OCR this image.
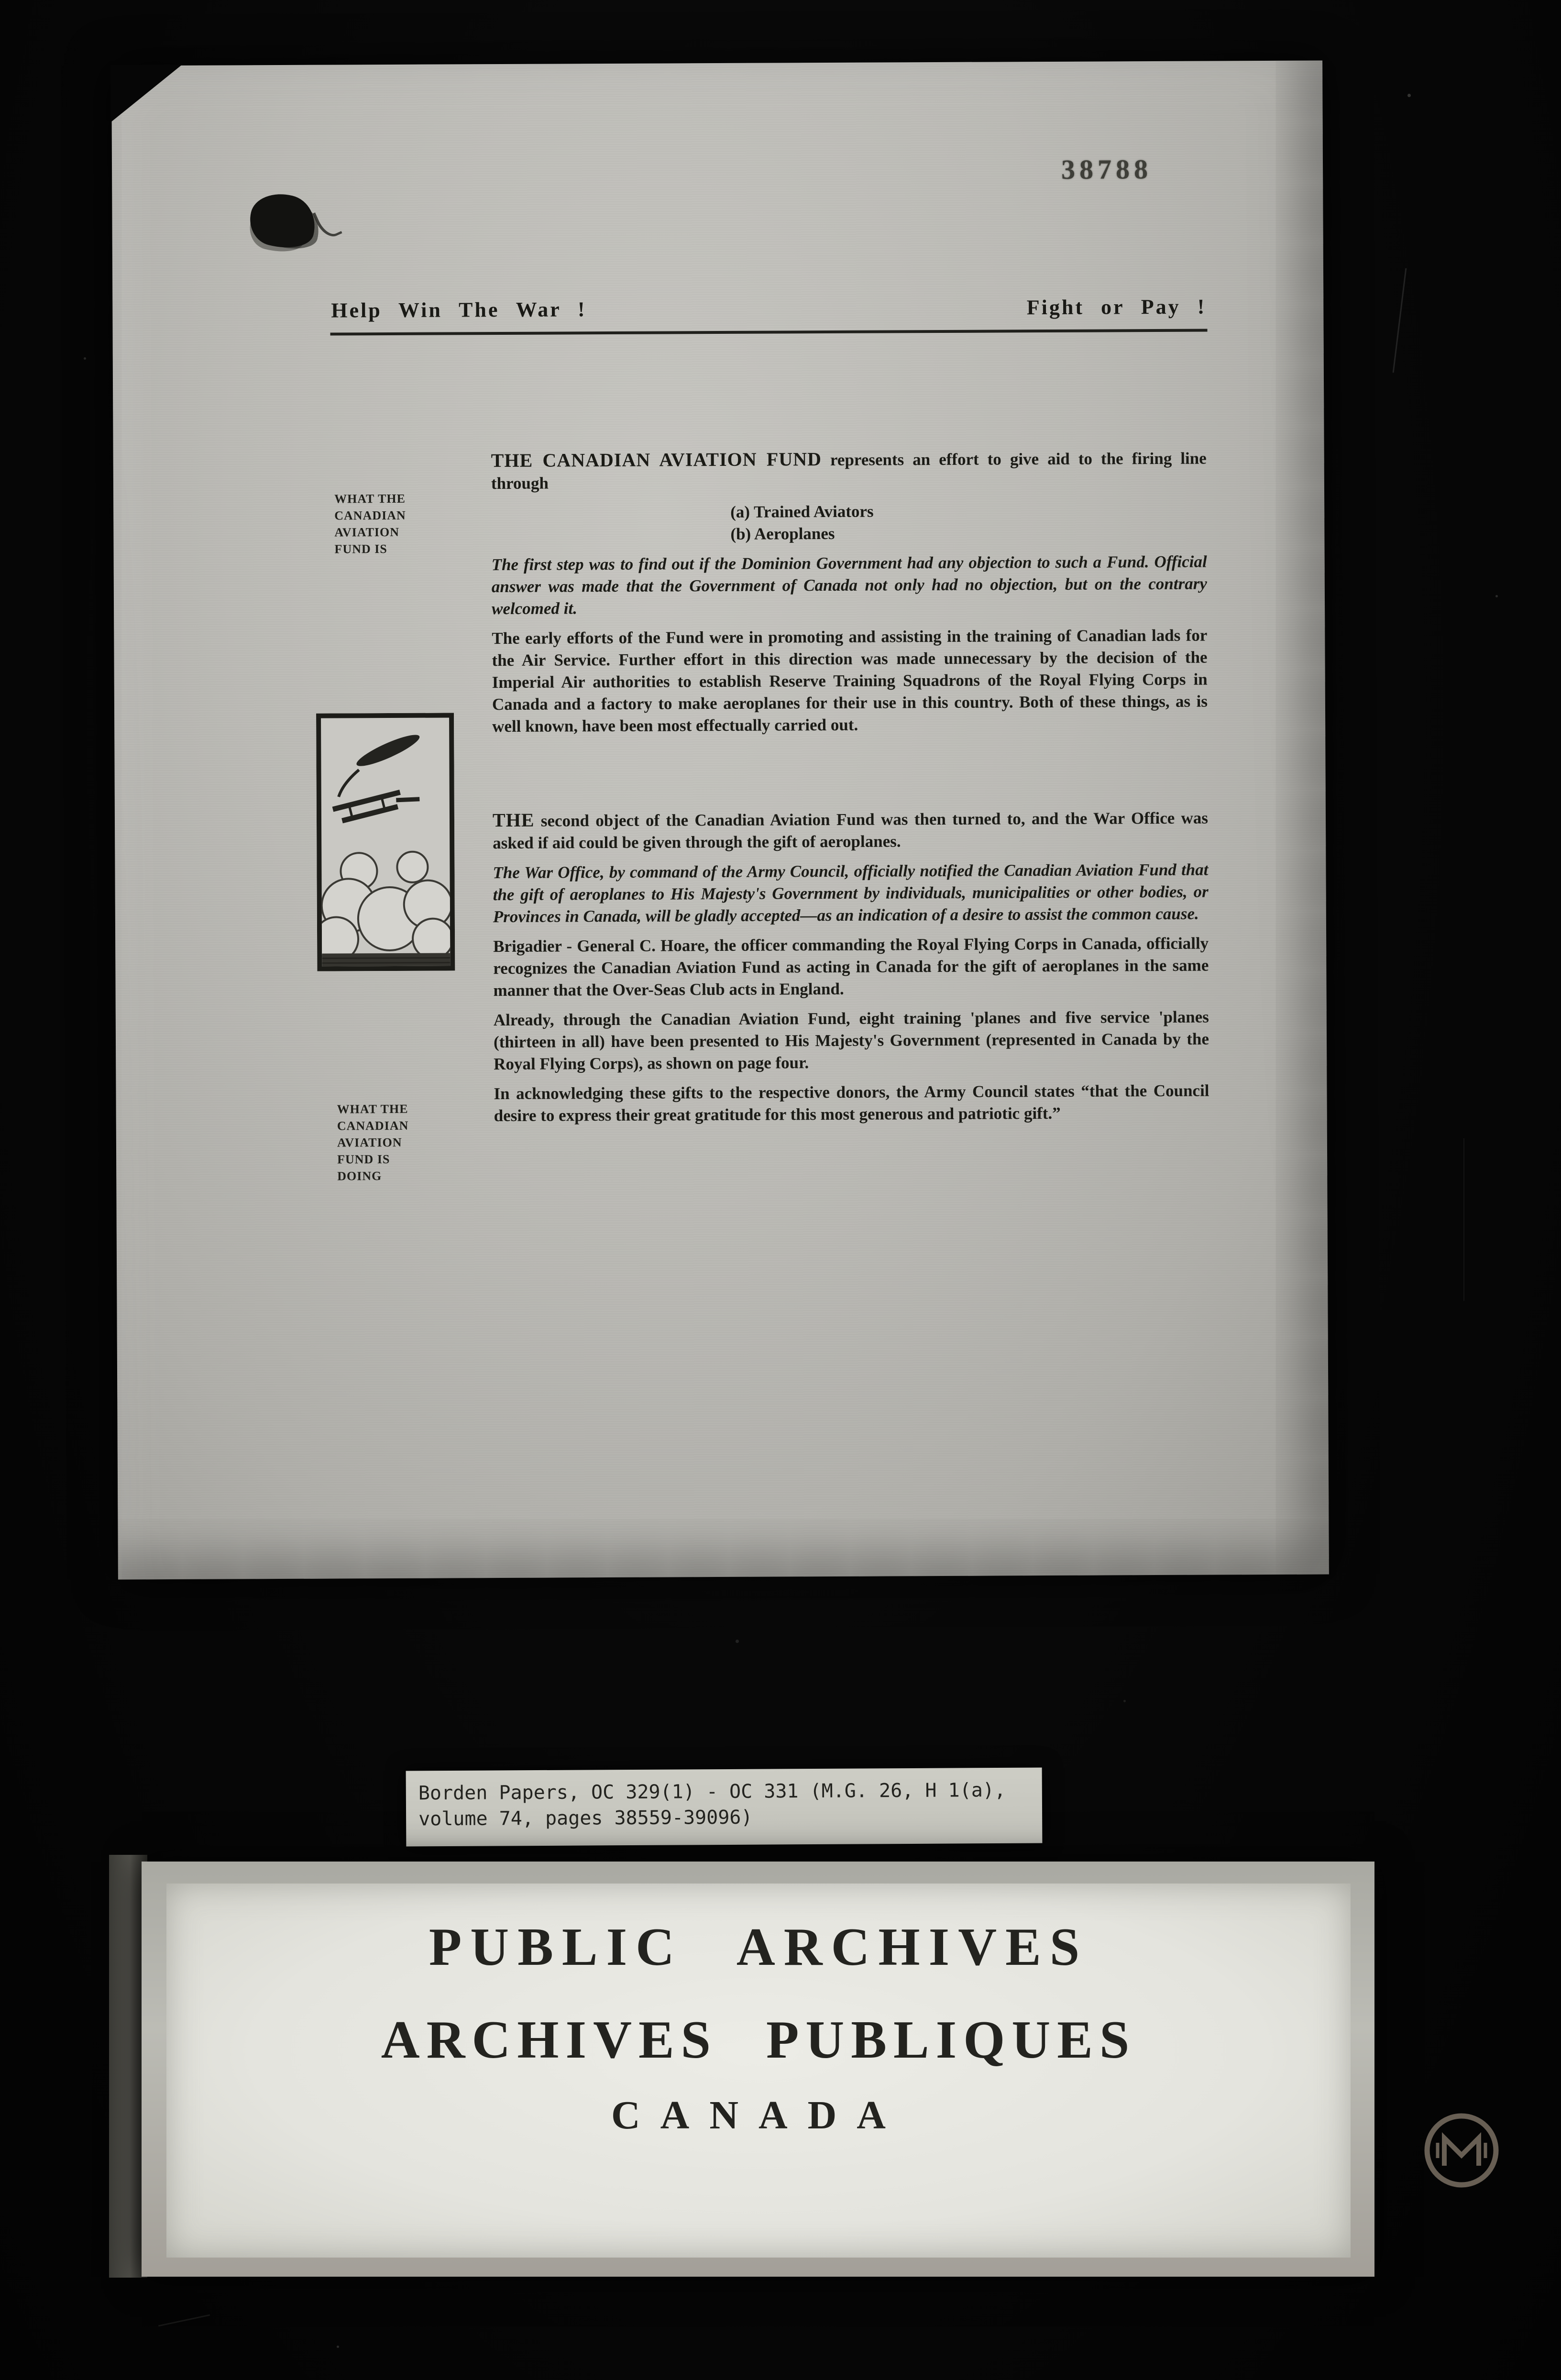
38788
Help Win The War !	Fight or Pay !
WHAT THE
CANADIAN
AVIATION
FUND IS
WHAT THE
CANADIAN
AVIATION
FUND IS
DOING

THE CANADIAN AVIATION FUND represents an effort to give aid to the firing line through

(a) Trained Aviators
(b) Aeroplanes

The first step was to find out if the Dominion Government had any objection to such a Fund. Official answer was made that the Government of Canada not only had no objection, but on the contrary welcomed it.

The early efforts of the Fund were in promoting and assisting in the training of Canadian lads for the Air Service. Further effort in this direction was made unnecessary by the decision of the Imperial Air authorities to establish Reserve Training Squadrons of the Royal Flying Corps in Canada and a factory to make aeroplanes for their use in this country. Both of these things, as is well known, have been most effectually carried out.

THE second object of the Canadian Aviation Fund was then turned to, and the War Office was asked if aid could be given through the gift of aeroplanes.

The War Office, by command of the Army Council, officially notified the Canadian Aviation Fund that the gift of aeroplanes to His Majesty's Government by individuals, municipalities or other bodies, or Provinces in Canada, will be gladly accepted—as an indication of a desire to assist the common cause.

Brigadier - General C. Hoare, the officer commanding the Royal Flying Corps in Canada, officially recognizes the Canadian Aviation Fund as acting in Canada for the gift of aeroplanes in the same manner that the Over-Seas Club acts in England.

Already, through the Canadian Aviation Fund, eight training 'planes and five service 'planes (thirteen in all) have been presented to His Majesty's Government (represented in Canada by the Royal Flying Corps), as shown on page four.

In acknowledging these gifts to the respective donors, the Army Council states “that the Council desire to express their great gratitude for this most generous and patriotic gift.”

Borden Papers, OC 329(1) - OC 331 (M.G. 26, H 1(a),
volume 74, pages 38559-39096)
PUBLIC ARCHIVES
ARCHIVES PUBLIQUES
CANADA
